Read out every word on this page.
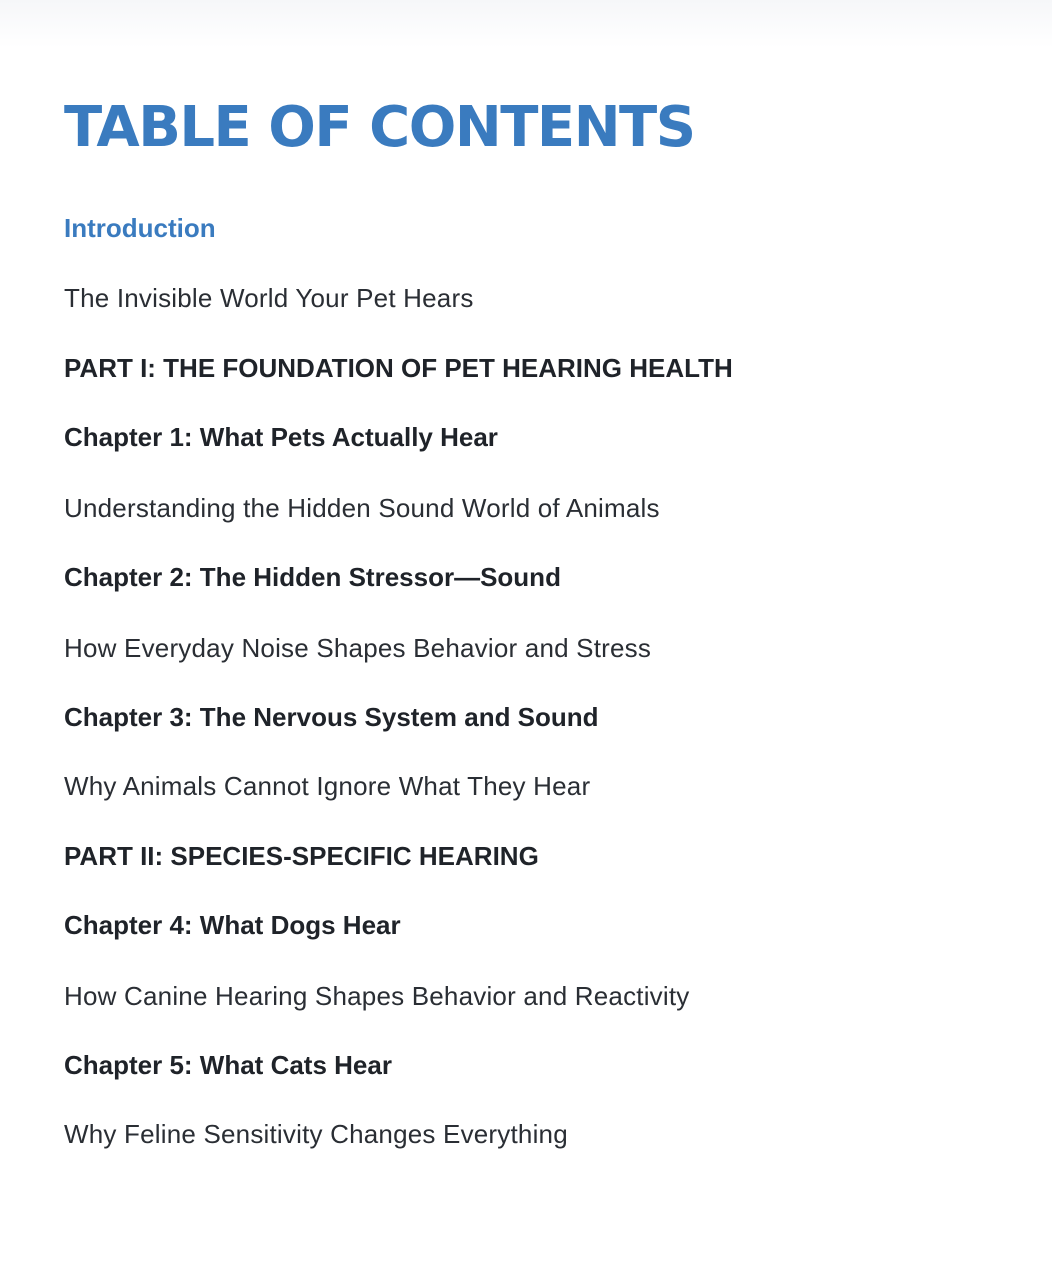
TABLE OF CONTENTS
Introduction
The Invisible World Your Pet Hears
PART I: THE FOUNDATION OF PET HEARING HEALTH
Chapter 1: What Pets Actually Hear
Understanding the Hidden Sound World of Animals
Chapter 2: The Hidden Stressor—Sound
How Everyday Noise Shapes Behavior and Stress
Chapter 3: The Nervous System and Sound
Why Animals Cannot Ignore What They Hear
PART II: SPECIES-SPECIFIC HEARING
Chapter 4: What Dogs Hear
How Canine Hearing Shapes Behavior and Reactivity
Chapter 5: What Cats Hear
Why Feline Sensitivity Changes Everything
